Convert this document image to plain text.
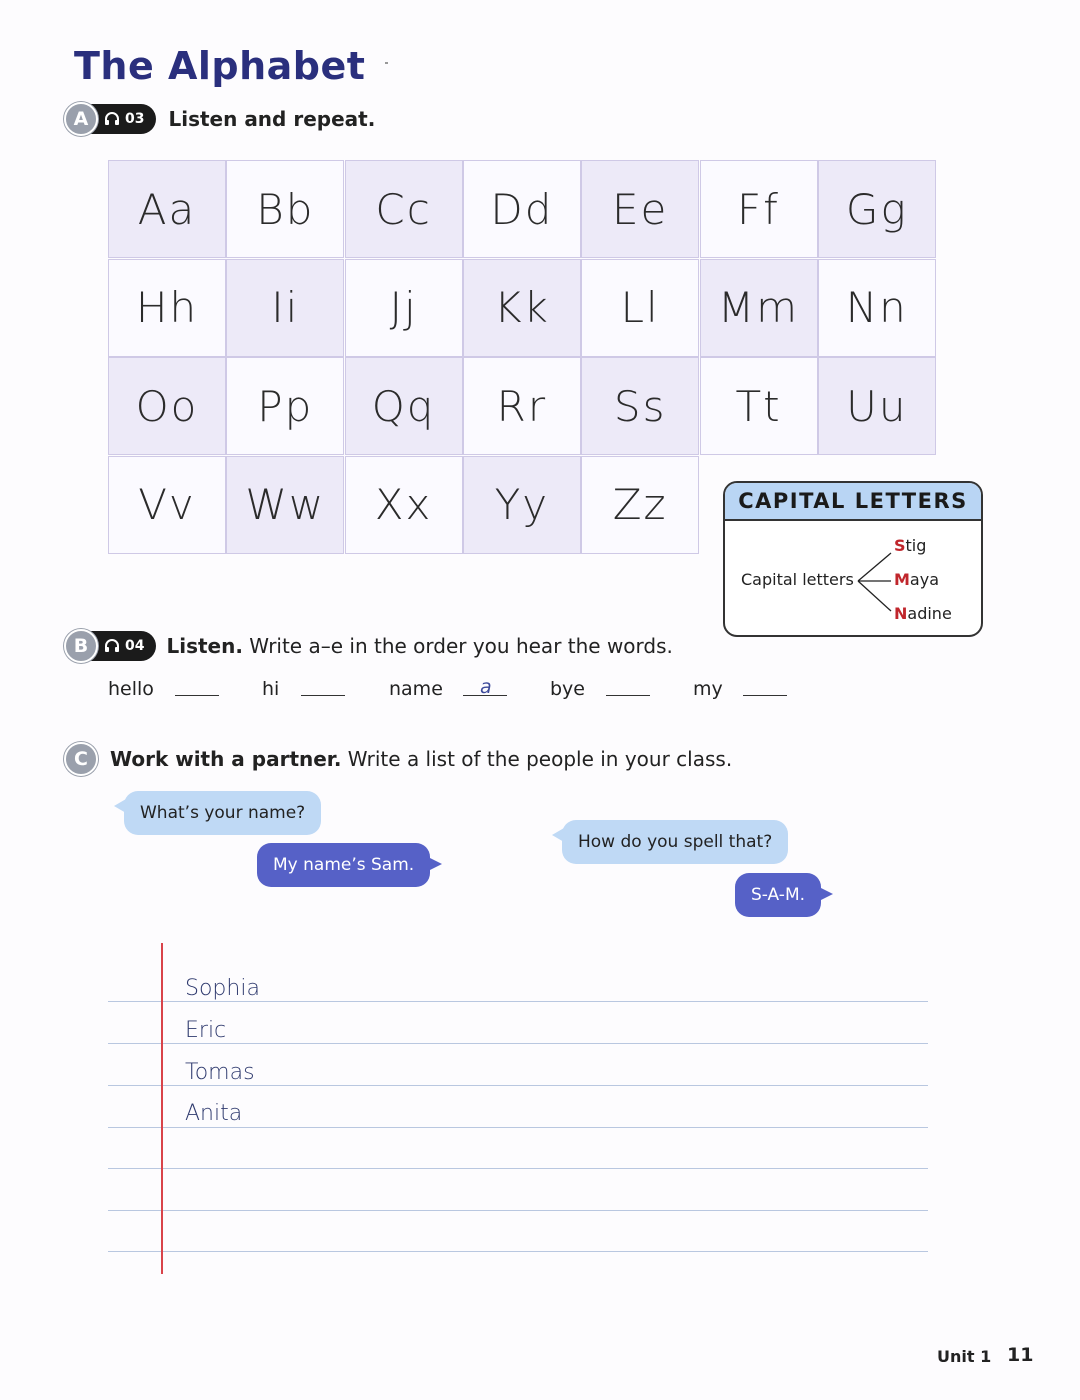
The Alphabet
A	03 Listen and repeat.
Aa	Bb	Cc	Dd	Ee	Ff	Gg
Hh	Ii	Jj	Kk	Ll	Mm	Nn
Oo	Pp	Qq	Rr	Ss	Tt	Uu
Vv	Ww	Xx	Yy	Zz	CAPITAL LETTERS
Capital letters
Stig
Maya
Nadine
B	04 Listen. Write a–e in the order you hear the words.
hello	hi	name a	bye	my
C	Work with a partner. Write a list of the people in your class.
What’s your name?
My name’s Sam.
How do you spell that?
S-A-M.
Sophia
Eric
Tomas
Anita
Unit 1 11
